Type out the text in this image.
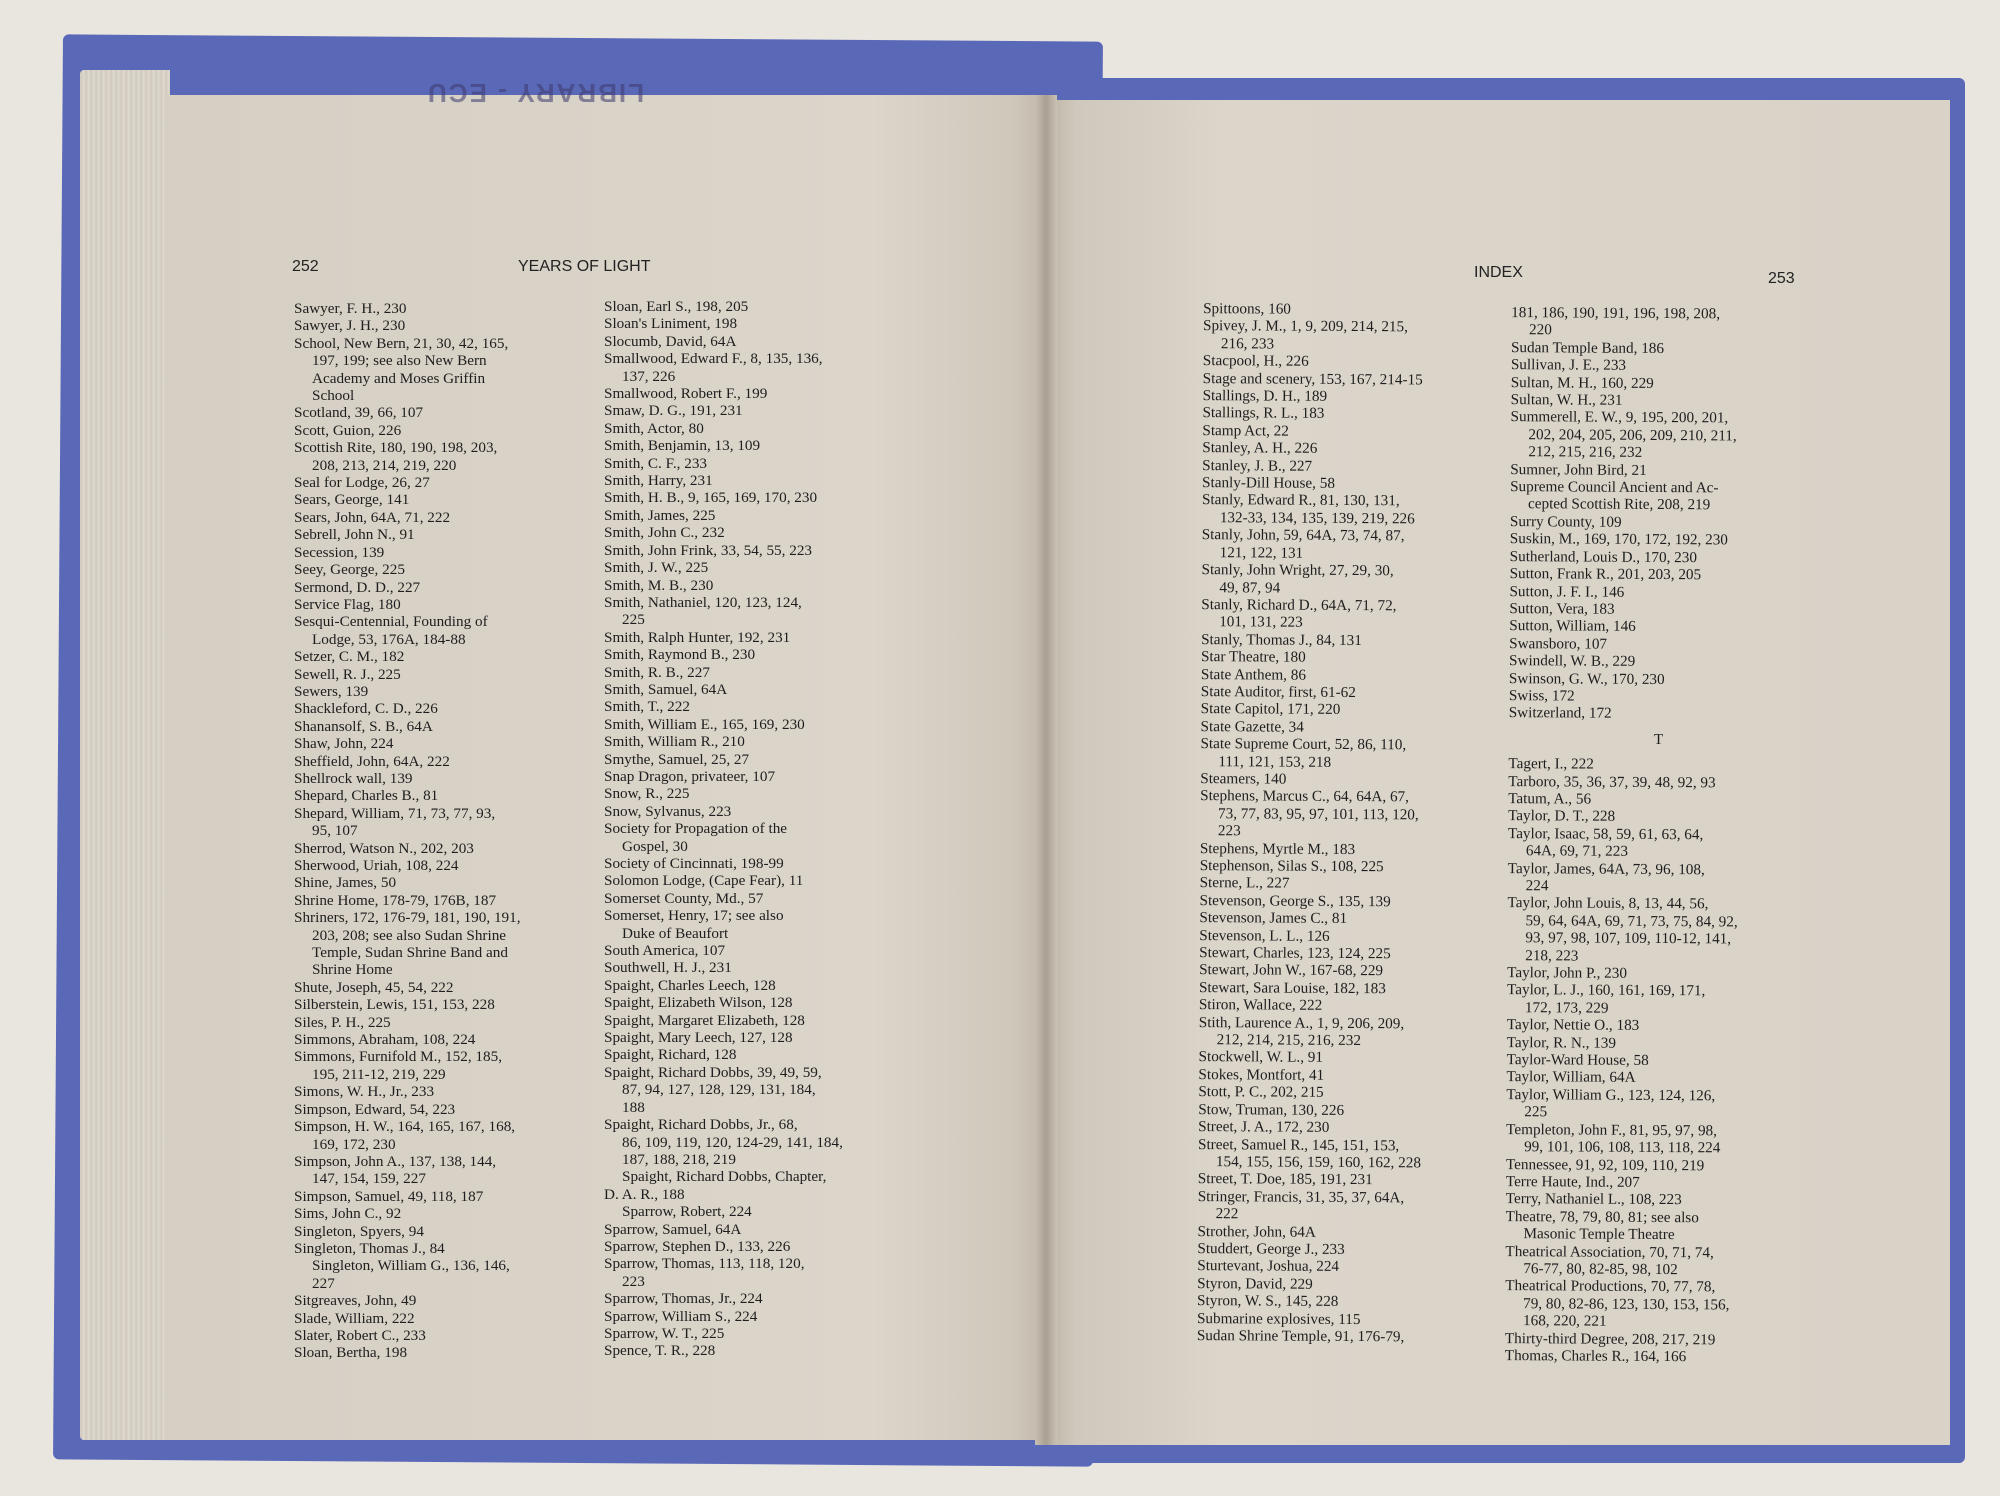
LIBRARY - ECU
252	YEARS OF LIGHT	INDEX	253
Sawyer, F. H., 230
Sawyer, J. H., 230
School, New Bern, 21, 30, 42, 165,
197, 199; see also New Bern
Academy and Moses Griffin
School
Scotland, 39, 66, 107
Scott, Guion, 226
Scottish Rite, 180, 190, 198, 203,
208, 213, 214, 219, 220
Seal for Lodge, 26, 27
Sears, George, 141
Sears, John, 64A, 71, 222
Sebrell, John N., 91
Secession, 139
Seey, George, 225
Sermond, D. D., 227
Service Flag, 180
Sesqui-Centennial, Founding of
Lodge, 53, 176A, 184-88
Setzer, C. M., 182
Sewell, R. J., 225
Sewers, 139
Shackleford, C. D., 226
Shanansolf, S. B., 64A
Shaw, John, 224
Sheffield, John, 64A, 222
Shellrock wall, 139
Shepard, Charles B., 81
Shepard, William, 71, 73, 77, 93,
95, 107
Sherrod, Watson N., 202, 203
Sherwood, Uriah, 108, 224
Shine, James, 50
Shrine Home, 178-79, 176B, 187
Shriners, 172, 176-79, 181, 190, 191,
203, 208; see also Sudan Shrine
Temple, Sudan Shrine Band and
Shrine Home
Shute, Joseph, 45, 54, 222
Silberstein, Lewis, 151, 153, 228
Siles, P. H., 225
Simmons, Abraham, 108, 224
Simmons, Furnifold M., 152, 185,
195, 211-12, 219, 229
Simons, W. H., Jr., 233
Simpson, Edward, 54, 223
Simpson, H. W., 164, 165, 167, 168,
169, 172, 230
Simpson, John A., 137, 138, 144,
147, 154, 159, 227
Simpson, Samuel, 49, 118, 187
Sims, John C., 92
Singleton, Spyers, 94
Singleton, Thomas J., 84
Singleton, William G., 136, 146,
227
Sitgreaves, John, 49
Slade, William, 222
Slater, Robert C., 233
Sloan, Bertha, 198
Sloan, Earl S., 198, 205
Sloan's Liniment, 198
Slocumb, David, 64A
Smallwood, Edward F., 8, 135, 136,
137, 226
Smallwood, Robert F., 199
Smaw, D. G., 191, 231
Smith, Actor, 80
Smith, Benjamin, 13, 109
Smith, C. F., 233
Smith, Harry, 231
Smith, H. B., 9, 165, 169, 170, 230
Smith, James, 225
Smith, John C., 232
Smith, John Frink, 33, 54, 55, 223
Smith, J. W., 225
Smith, M. B., 230
Smith, Nathaniel, 120, 123, 124,
225
Smith, Ralph Hunter, 192, 231
Smith, Raymond B., 230
Smith, R. B., 227
Smith, Samuel, 64A
Smith, T., 222
Smith, William E., 165, 169, 230
Smith, William R., 210
Smythe, Samuel, 25, 27
Snap Dragon, privateer, 107
Snow, R., 225
Snow, Sylvanus, 223
Society for Propagation of the
Gospel, 30
Society of Cincinnati, 198-99
Solomon Lodge, (Cape Fear), 11
Somerset County, Md., 57
Somerset, Henry, 17; see also
Duke of Beaufort
South America, 107
Southwell, H. J., 231
Spaight, Charles Leech, 128
Spaight, Elizabeth Wilson, 128
Spaight, Margaret Elizabeth, 128
Spaight, Mary Leech, 127, 128
Spaight, Richard, 128
Spaight, Richard Dobbs, 39, 49, 59,
87, 94, 127, 128, 129, 131, 184,
188
Spaight, Richard Dobbs, Jr., 68,
86, 109, 119, 120, 124-29, 141, 184,
187, 188, 218, 219
Spaight, Richard Dobbs, Chapter,
D. A. R., 188
Sparrow, Robert, 224
Sparrow, Samuel, 64A
Sparrow, Stephen D., 133, 226
Sparrow, Thomas, 113, 118, 120,
223
Sparrow, Thomas, Jr., 224
Sparrow, William S., 224
Sparrow, W. T., 225
Spence, T. R., 228
Spittoons, 160
Spivey, J. M., 1, 9, 209, 214, 215,
216, 233
Stacpool, H., 226
Stage and scenery, 153, 167, 214-15
Stallings, D. H., 189
Stallings, R. L., 183
Stamp Act, 22
Stanley, A. H., 226
Stanley, J. B., 227
Stanly-Dill House, 58
Stanly, Edward R., 81, 130, 131,
132-33, 134, 135, 139, 219, 226
Stanly, John, 59, 64A, 73, 74, 87,
121, 122, 131
Stanly, John Wright, 27, 29, 30,
49, 87, 94
Stanly, Richard D., 64A, 71, 72,
101, 131, 223
Stanly, Thomas J., 84, 131
Star Theatre, 180
State Anthem, 86
State Auditor, first, 61-62
State Capitol, 171, 220
State Gazette, 34
State Supreme Court, 52, 86, 110,
111, 121, 153, 218
Steamers, 140
Stephens, Marcus C., 64, 64A, 67,
73, 77, 83, 95, 97, 101, 113, 120,
223
Stephens, Myrtle M., 183
Stephenson, Silas S., 108, 225
Sterne, L., 227
Stevenson, George S., 135, 139
Stevenson, James C., 81
Stevenson, L. L., 126
Stewart, Charles, 123, 124, 225
Stewart, John W., 167-68, 229
Stewart, Sara Louise, 182, 183
Stiron, Wallace, 222
Stith, Laurence A., 1, 9, 206, 209,
212, 214, 215, 216, 232
Stockwell, W. L., 91
Stokes, Montfort, 41
Stott, P. C., 202, 215
Stow, Truman, 130, 226
Street, J. A., 172, 230
Street, Samuel R., 145, 151, 153,
154, 155, 156, 159, 160, 162, 228
Street, T. Doe, 185, 191, 231
Stringer, Francis, 31, 35, 37, 64A,
222
Strother, John, 64A
Studdert, George J., 233
Sturtevant, Joshua, 224
Styron, David, 229
Styron, W. S., 145, 228
Submarine explosives, 115
Sudan Shrine Temple, 91, 176-79,
181, 186, 190, 191, 196, 198, 208,
220
Sudan Temple Band, 186
Sullivan, J. E., 233
Sultan, M. H., 160, 229
Sultan, W. H., 231
Summerell, E. W., 9, 195, 200, 201,
202, 204, 205, 206, 209, 210, 211,
212, 215, 216, 232
Sumner, John Bird, 21
Supreme Council Ancient and Ac-
cepted Scottish Rite, 208, 219
Surry County, 109
Suskin, M., 169, 170, 172, 192, 230
Sutherland, Louis D., 170, 230
Sutton, Frank R., 201, 203, 205
Sutton, J. F. I., 146
Sutton, Vera, 183
Sutton, William, 146
Swansboro, 107
Swindell, W. B., 229
Swinson, G. W., 170, 230
Swiss, 172
Switzerland, 172
T
Tagert, I., 222
Tarboro, 35, 36, 37, 39, 48, 92, 93
Tatum, A., 56
Taylor, D. T., 228
Taylor, Isaac, 58, 59, 61, 63, 64,
64A, 69, 71, 223
Taylor, James, 64A, 73, 96, 108,
224
Taylor, John Louis, 8, 13, 44, 56,
59, 64, 64A, 69, 71, 73, 75, 84, 92,
93, 97, 98, 107, 109, 110-12, 141,
218, 223
Taylor, John P., 230
Taylor, L. J., 160, 161, 169, 171,
172, 173, 229
Taylor, Nettie O., 183
Taylor, R. N., 139
Taylor-Ward House, 58
Taylor, William, 64A
Taylor, William G., 123, 124, 126,
225
Templeton, John F., 81, 95, 97, 98,
99, 101, 106, 108, 113, 118, 224
Tennessee, 91, 92, 109, 110, 219
Terre Haute, Ind., 207
Terry, Nathaniel L., 108, 223
Theatre, 78, 79, 80, 81; see also
Masonic Temple Theatre
Theatrical Association, 70, 71, 74,
76-77, 80, 82-85, 98, 102
Theatrical Productions, 70, 77, 78,
79, 80, 82-86, 123, 130, 153, 156,
168, 220, 221
Thirty-third Degree, 208, 217, 219
Thomas, Charles R., 164, 166
